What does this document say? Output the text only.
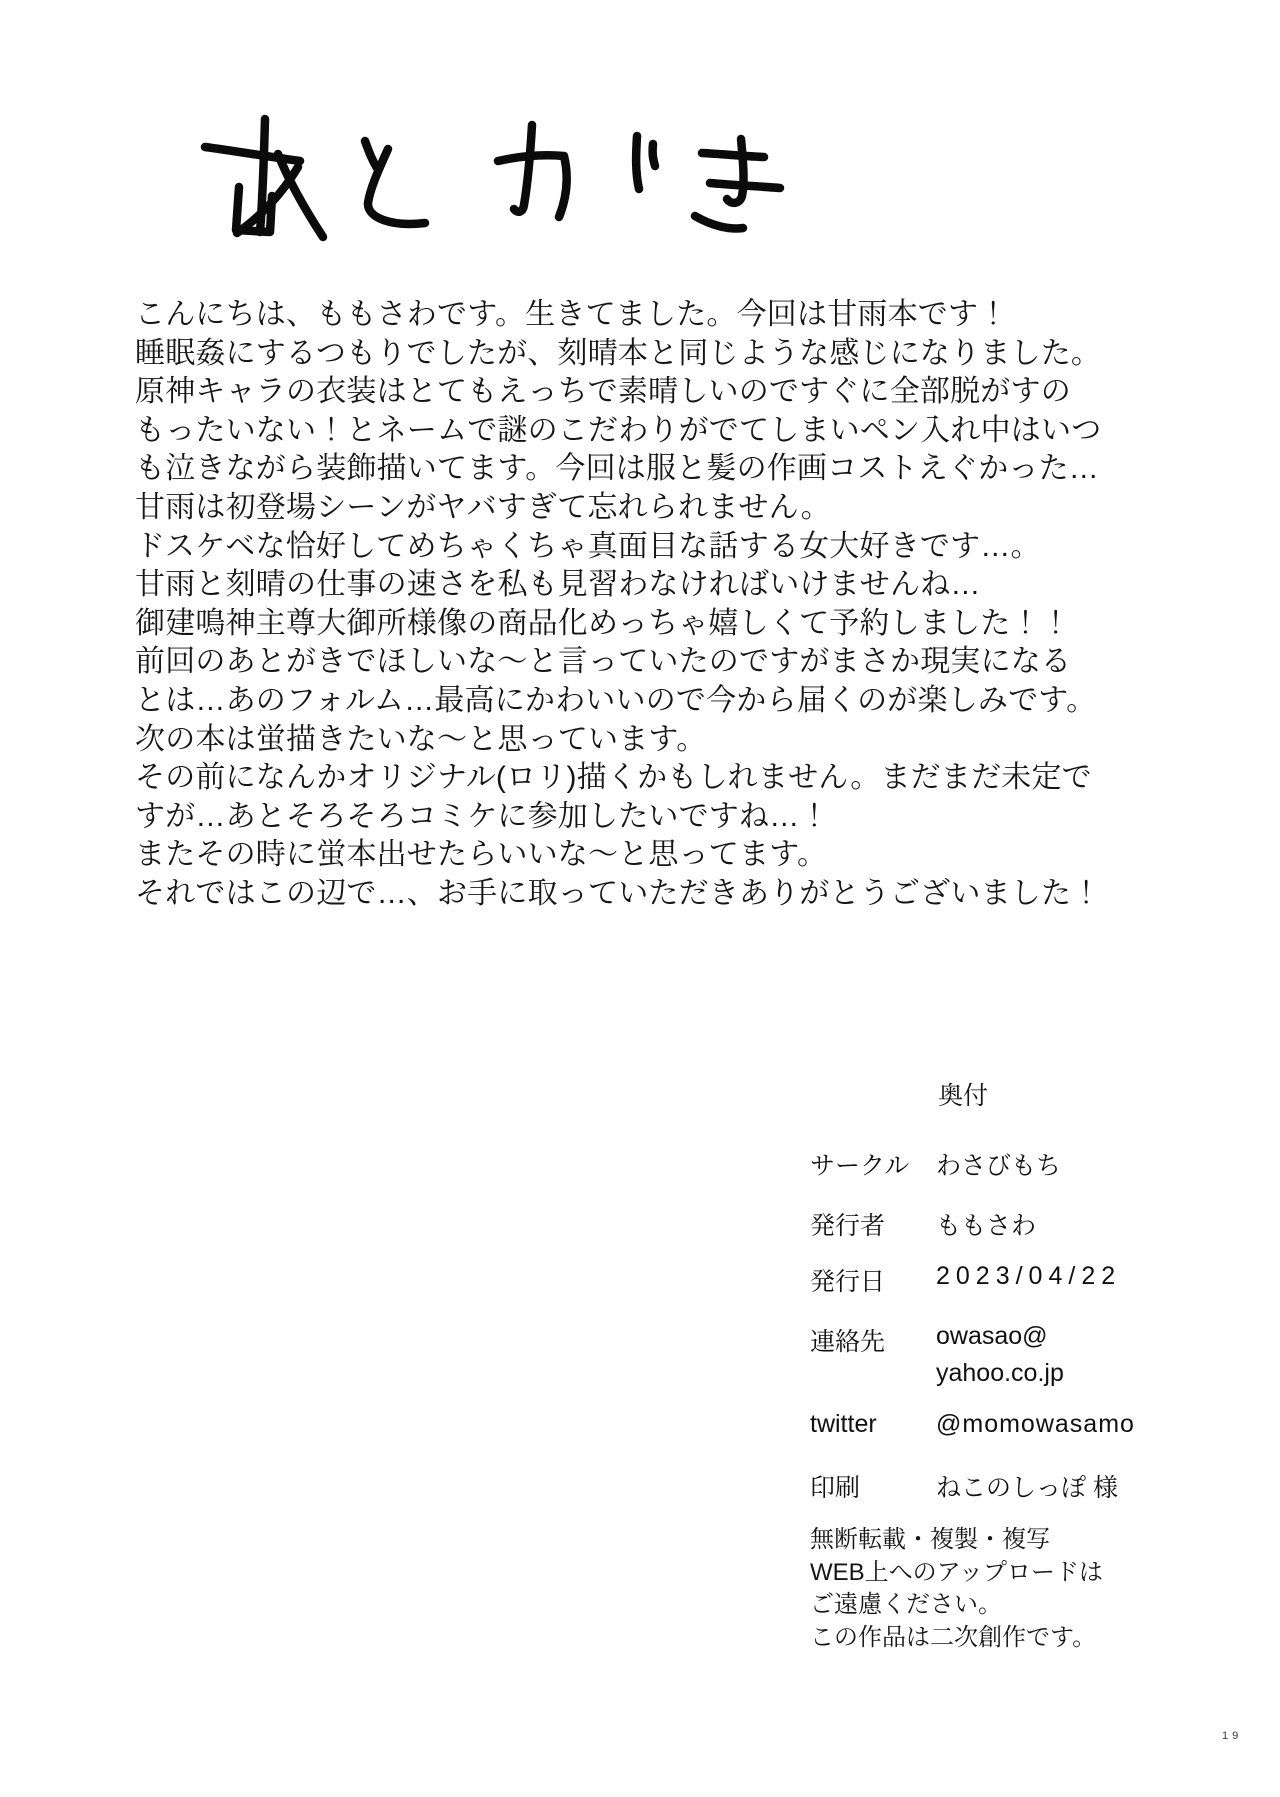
こんにちは、ももさわです。生きてました。今回は甘雨本です！
睡眠姦にするつもりでしたが、刻晴本と同じような感じになりました。
原神キャラの衣装はとてもえっちで素晴しいのですぐに全部脱がすの
もったいない！とネームで謎のこだわりがでてしまいペン入れ中はいつ
も泣きながら装飾描いてます。今回は服と髪の作画コストえぐかった…
甘雨は初登場シーンがヤバすぎて忘れられません。
ドスケベな恰好してめちゃくちゃ真面目な話する女大好きです…。
甘雨と刻晴の仕事の速さを私も見習わなければいけませんね…
御建鳴神主尊大御所様像の商品化めっちゃ嬉しくて予約しました！！
前回のあとがきでほしいな〜と言っていたのですがまさか現実になる
とは…あのフォルム…最高にかわいいので今から届くのが楽しみです。
次の本は蛍描きたいな〜と思っています。
その前になんかオリジナル(ロリ)描くかもしれません。まだまだ未定で
すが…あとそろそろコミケに参加したいですね…！
またその時に蛍本出せたらいいな〜と思ってます。
それではこの辺で…、お手に取っていただきありがとうございました！
奥付
サークル	わさびもち
発行者	ももさわ
発行日	2023/04/22
連絡先	owasao@
yahoo.co.jp
twitter	@momowasamo
印刷	ねこのしっぽ 様
無断転載・複製・複写
WEB上へのアップロードは
ご遠慮ください。
この作品は二次創作です。
19
